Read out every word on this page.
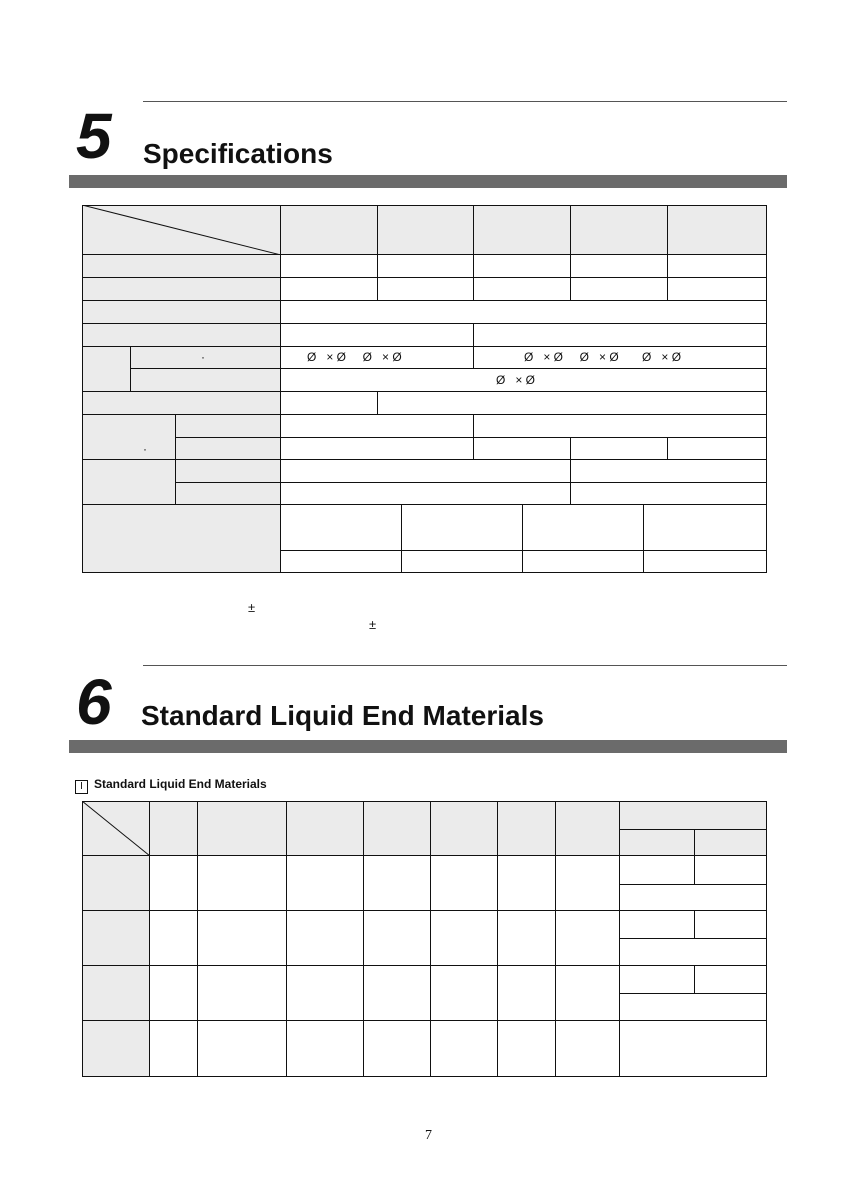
5 Specifications
·	Ø   × Ø     Ø   × Ø	Ø   × Ø     Ø   × Ø       Ø   × Ø
Ø   × Ø
·
±
±
6 Standard Liquid End Materials
I Standard Liquid End Materials
7
